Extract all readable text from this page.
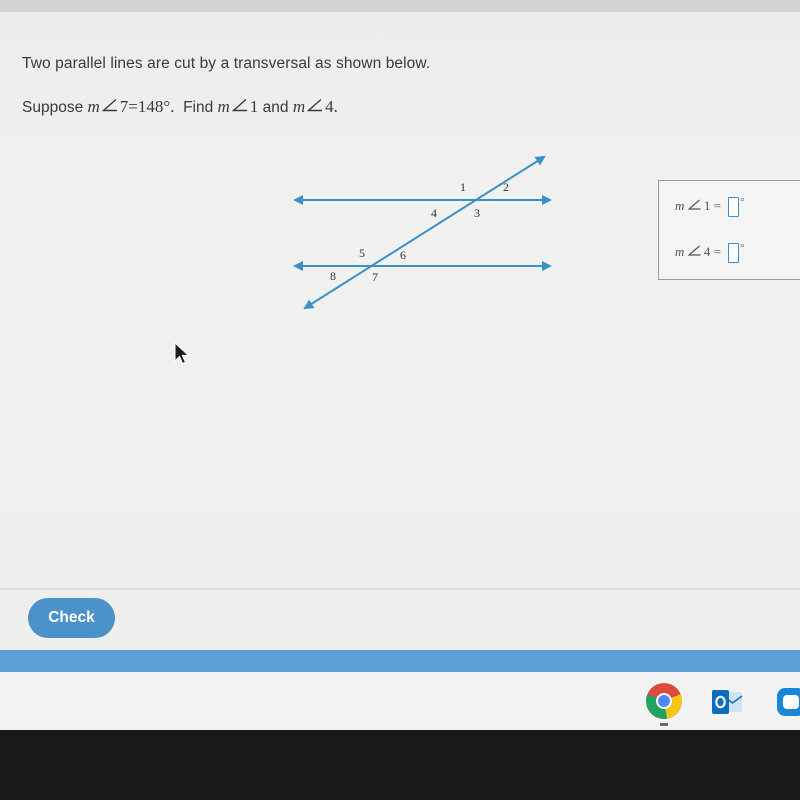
Two parallel lines are cut by a transversal as shown below.
Suppose m 7=148°. Find m 1 and m 4.
1	2
3
4
5	6
7
8
m 1 = °
m 4 = °
Check
